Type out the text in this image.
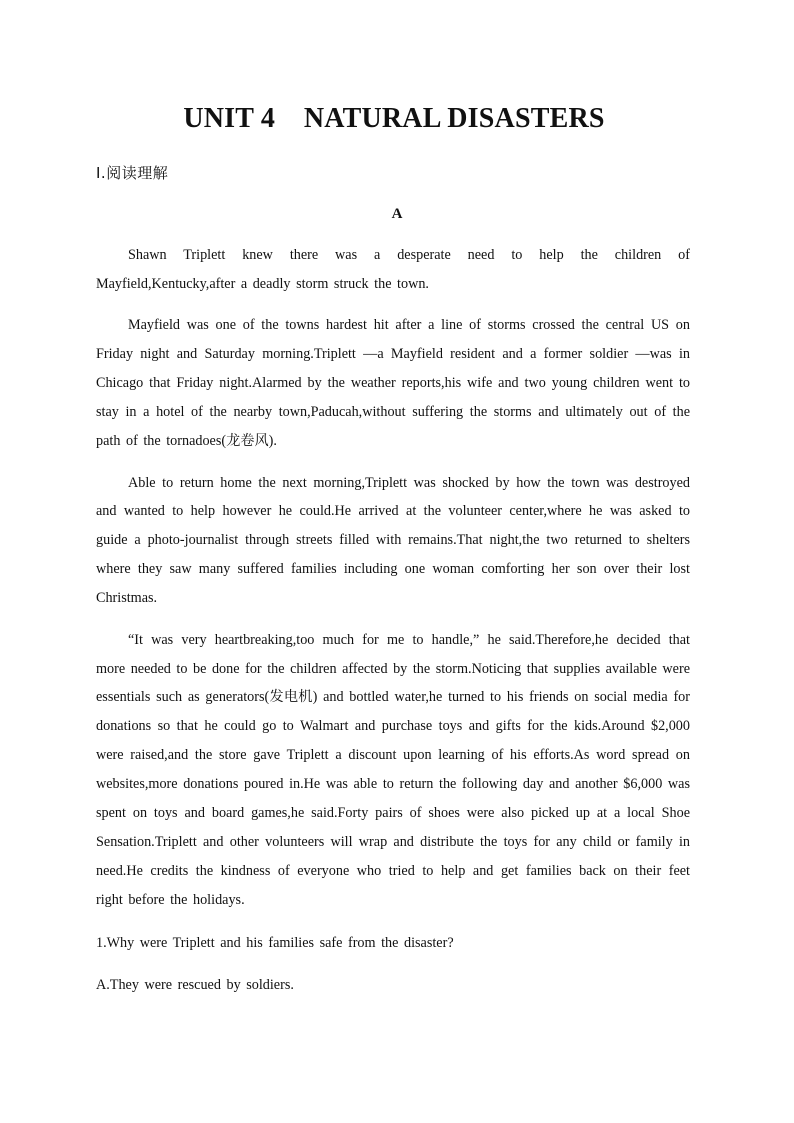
UNIT 4    NATURAL DISASTERS
Ⅰ.阅读理解
A

Shawn Triplett knew there was a desperate need to help the children of Mayfield,Kentucky,after a deadly storm struck the town.

Mayfield was one of the towns hardest hit after a line of storms crossed the central US on Friday night and Saturday morning.Triplett —a Mayfield resident and a former soldier —was in Chicago that Friday night.Alarmed by the weather reports,his wife and two young children went to stay in a hotel of the nearby town,Paducah,without suffering the storms and ultimately out of the path of the tornadoes(龙卷风).

Able to return home the next morning,Triplett was shocked by how the town was destroyed and wanted to help however he could.He arrived at the volunteer center,where he was asked to guide a photo-journalist through streets filled with remains.That night,the two returned to shelters where they saw many suffered families including one woman comforting her son over their lost Christmas.

“It was very heartbreaking,too much for me to handle,” he said.Therefore,he decided that more needed to be done for the children affected by the storm.Noticing that supplies available were essentials such as generators(发电机) and bottled water,he turned to his friends on social media for donations so that he could go to Walmart and purchase toys and gifts for the kids.Around $2,000 were raised,and the store gave Triplett a discount upon learning of his efforts.As word spread on websites,more donations poured in.He was able to return the following day and another $6,000 was spent on toys and board games,he said.Forty pairs of shoes were also picked up at a local Shoe Sensation.Triplett and other volunteers will wrap and distribute the toys for any child or family in need.He credits the kindness of everyone who tried to help and get families back on their feet right before the holidays.

1.Why were Triplett and his families safe from the disaster?
A.They were rescued by soldiers.
